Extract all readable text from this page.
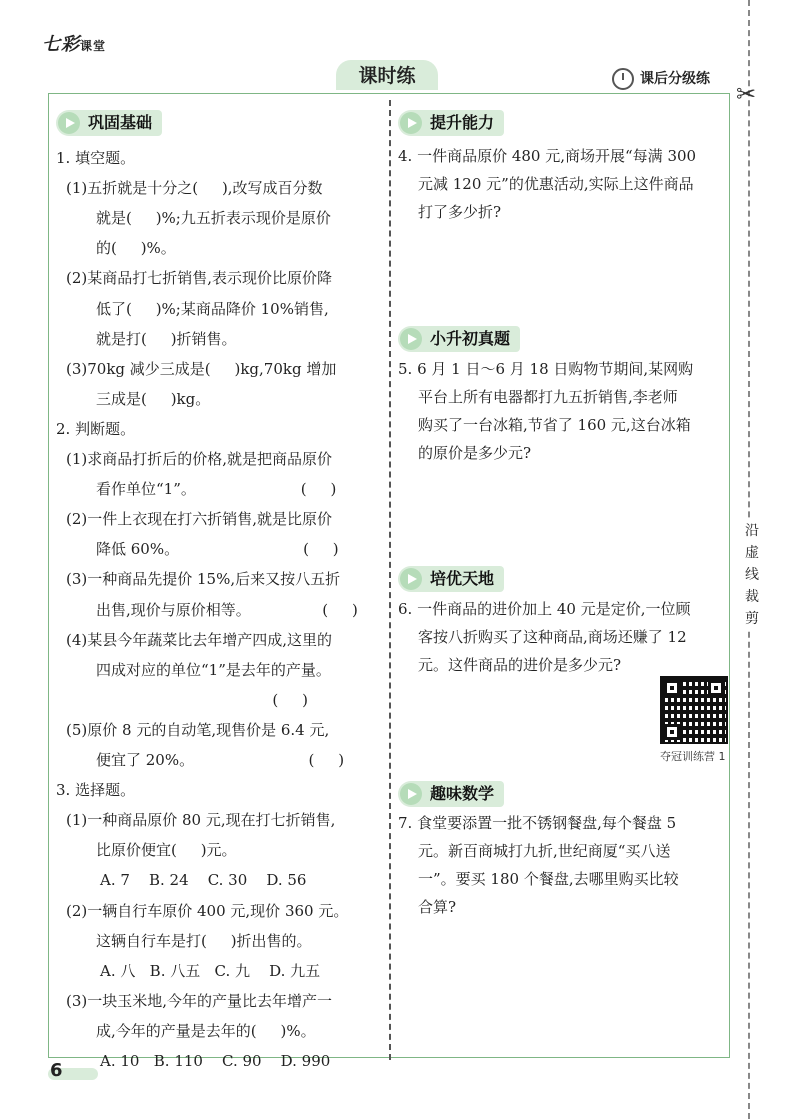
七彩课堂
课时练	课后分级练
✂
沿虚线裁剪
巩固基础
1. 填空题。
(1)五折就是十分之(     ),改写成百分数
就是(     )%;九五折表示现价是原价
的(     )%。
(2)某商品打七折销售,表示现价比原价降
低了(     )%;某商品降价 10%销售,
就是打(     )折销售。
(3)70kg 减少三成是(     )kg,70kg 增加
三成是(     )kg。
2. 判断题。
(1)求商品打折后的价格,就是把商品原价
看作单位“1”。                      (     )
(2)一件上衣现在打六折销售,就是比原价
降低 60%。                          (     )
(3)一种商品先提价 15%,后来又按八五折
出售,现价与原价相等。               (     )
(4)某县今年蔬菜比去年增产四成,这里的
四成对应的单位“1”是去年的产量。
(     )
(5)原价 8 元的自动笔,现售价是 6.4 元,
便宜了 20%。                        (     )
3. 选择题。
(1)一种商品原价 80 元,现在打七折销售,
比原价便宜(     )元。
A. 7    B. 24    C. 30    D. 56
(2)一辆自行车原价 400 元,现价 360 元。
这辆自行车是打(     )折出售的。
A. 八   B. 八五   C. 九    D. 九五
(3)一块玉米地,今年的产量比去年增产一
成,今年的产量是去年的(     )%。
A. 10   B. 110    C. 90    D. 990
提升能力
4. 一件商品原价 480 元,商场开展“每满 300
元减 120 元”的优惠活动,实际上这件商品
打了多少折?
小升初真题
5. 6 月 1 日～6 月 18 日购物节期间,某网购
平台上所有电器都打九五折销售,李老师
购买了一台冰箱,节省了 160 元,这台冰箱
的原价是多少元?
培优天地
6. 一件商品的进价加上 40 元是定价,一位顾
客按八折购买了这种商品,商场还赚了 12
元。这件商品的进价是多少元?
夺冠训练营 1
趣味数学
7. 食堂要添置一批不锈钢餐盘,每个餐盘 5
元。新百商城打九折,世纪商厦“买八送
一”。要买 180 个餐盘,去哪里购买比较
合算?
6
